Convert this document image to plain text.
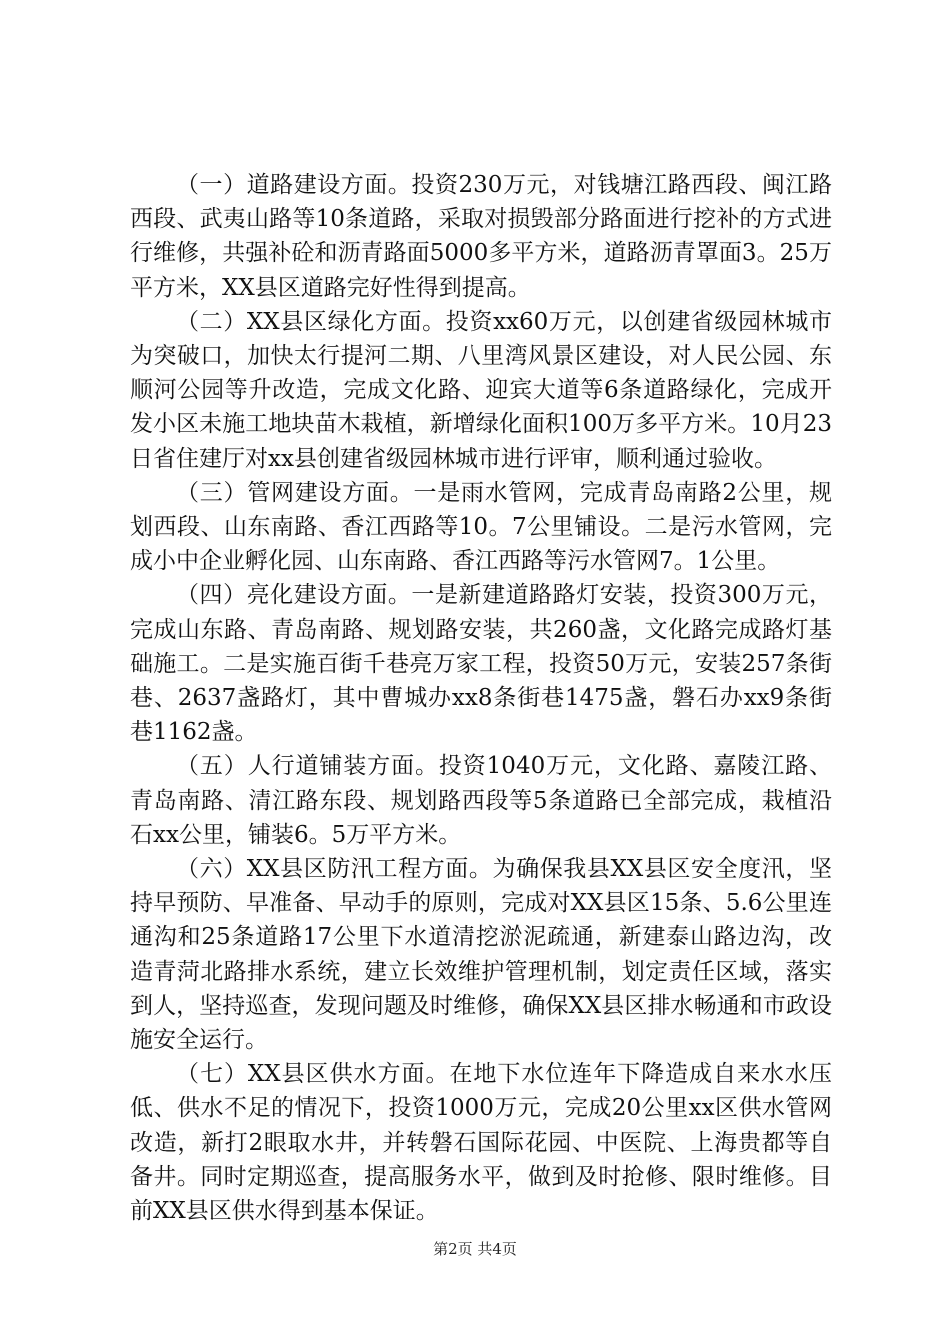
（一）道路建设方面。投资230万元，对钱塘江路西段、闽江路西段、武夷山路等10条道路，采取对损毁部分路面进行挖补的方式进行维修，共强补砼和沥青路面5000多平方米，道路沥青罩面3。25万平方米，XX县区道路完好性得到提高。

（二）XX县区绿化方面。投资xx60万元，以创建省级园林城市为突破口，加快太行提河二期、八里湾风景区建设，对人民公园、东顺河公园等升改造，完成文化路、迎宾大道等6条道路绿化，完成开发小区未施工地块苗木栽植，新增绿化面积100万多平方米。10月23日省住建厅对xx县创建省级园林城市进行评审，顺利通过验收。

（三）管网建设方面。一是雨水管网，完成青岛南路2公里，规划西段、山东南路、香江西路等10。7公里铺设。二是污水管网，完成小中企业孵化园、山东南路、香江西路等污水管网7。1公里。

（四）亮化建设方面。一是新建道路路灯安装，投资300万元，完成山东路、青岛南路、规划路安装，共260盏，文化路完成路灯基础施工。二是实施百街千巷亮万家工程，投资50万元，安装257条街巷、2637盏路灯，其中曹城办xx8条街巷1475盏，磐石办xx9条街巷1162盏。

（五）人行道铺装方面。投资1040万元，文化路、嘉陵江路、青岛南路、清江路东段、规划路西段等5条道路已全部完成，栽植沿石xx公里，铺装6。5万平方米。

（六）XX县区防汛工程方面。为确保我县XX县区安全度汛，坚持早预防、早准备、早动手的原则，完成对XX县区15条、5.6公里连通沟和25条道路17公里下水道清挖淤泥疏通，新建泰山路边沟，改造青菏北路排水系统，建立长效维护管理机制，划定责任区域，落实到人，坚持巡查，发现问题及时维修，确保XX县区排水畅通和市政设施安全运行。

（七）XX县区供水方面。在地下水位连年下降造成自来水水压低、供水不足的情况下，投资1000万元，完成20公里xx区供水管网改造，新打2眼取水井，并转磐石国际花园、中医院、上海贵都等自备井。同时定期巡查，提高服务水平，做到及时抢修、限时维修。目前XX县区供水得到基本保证。

第2页 共4页
